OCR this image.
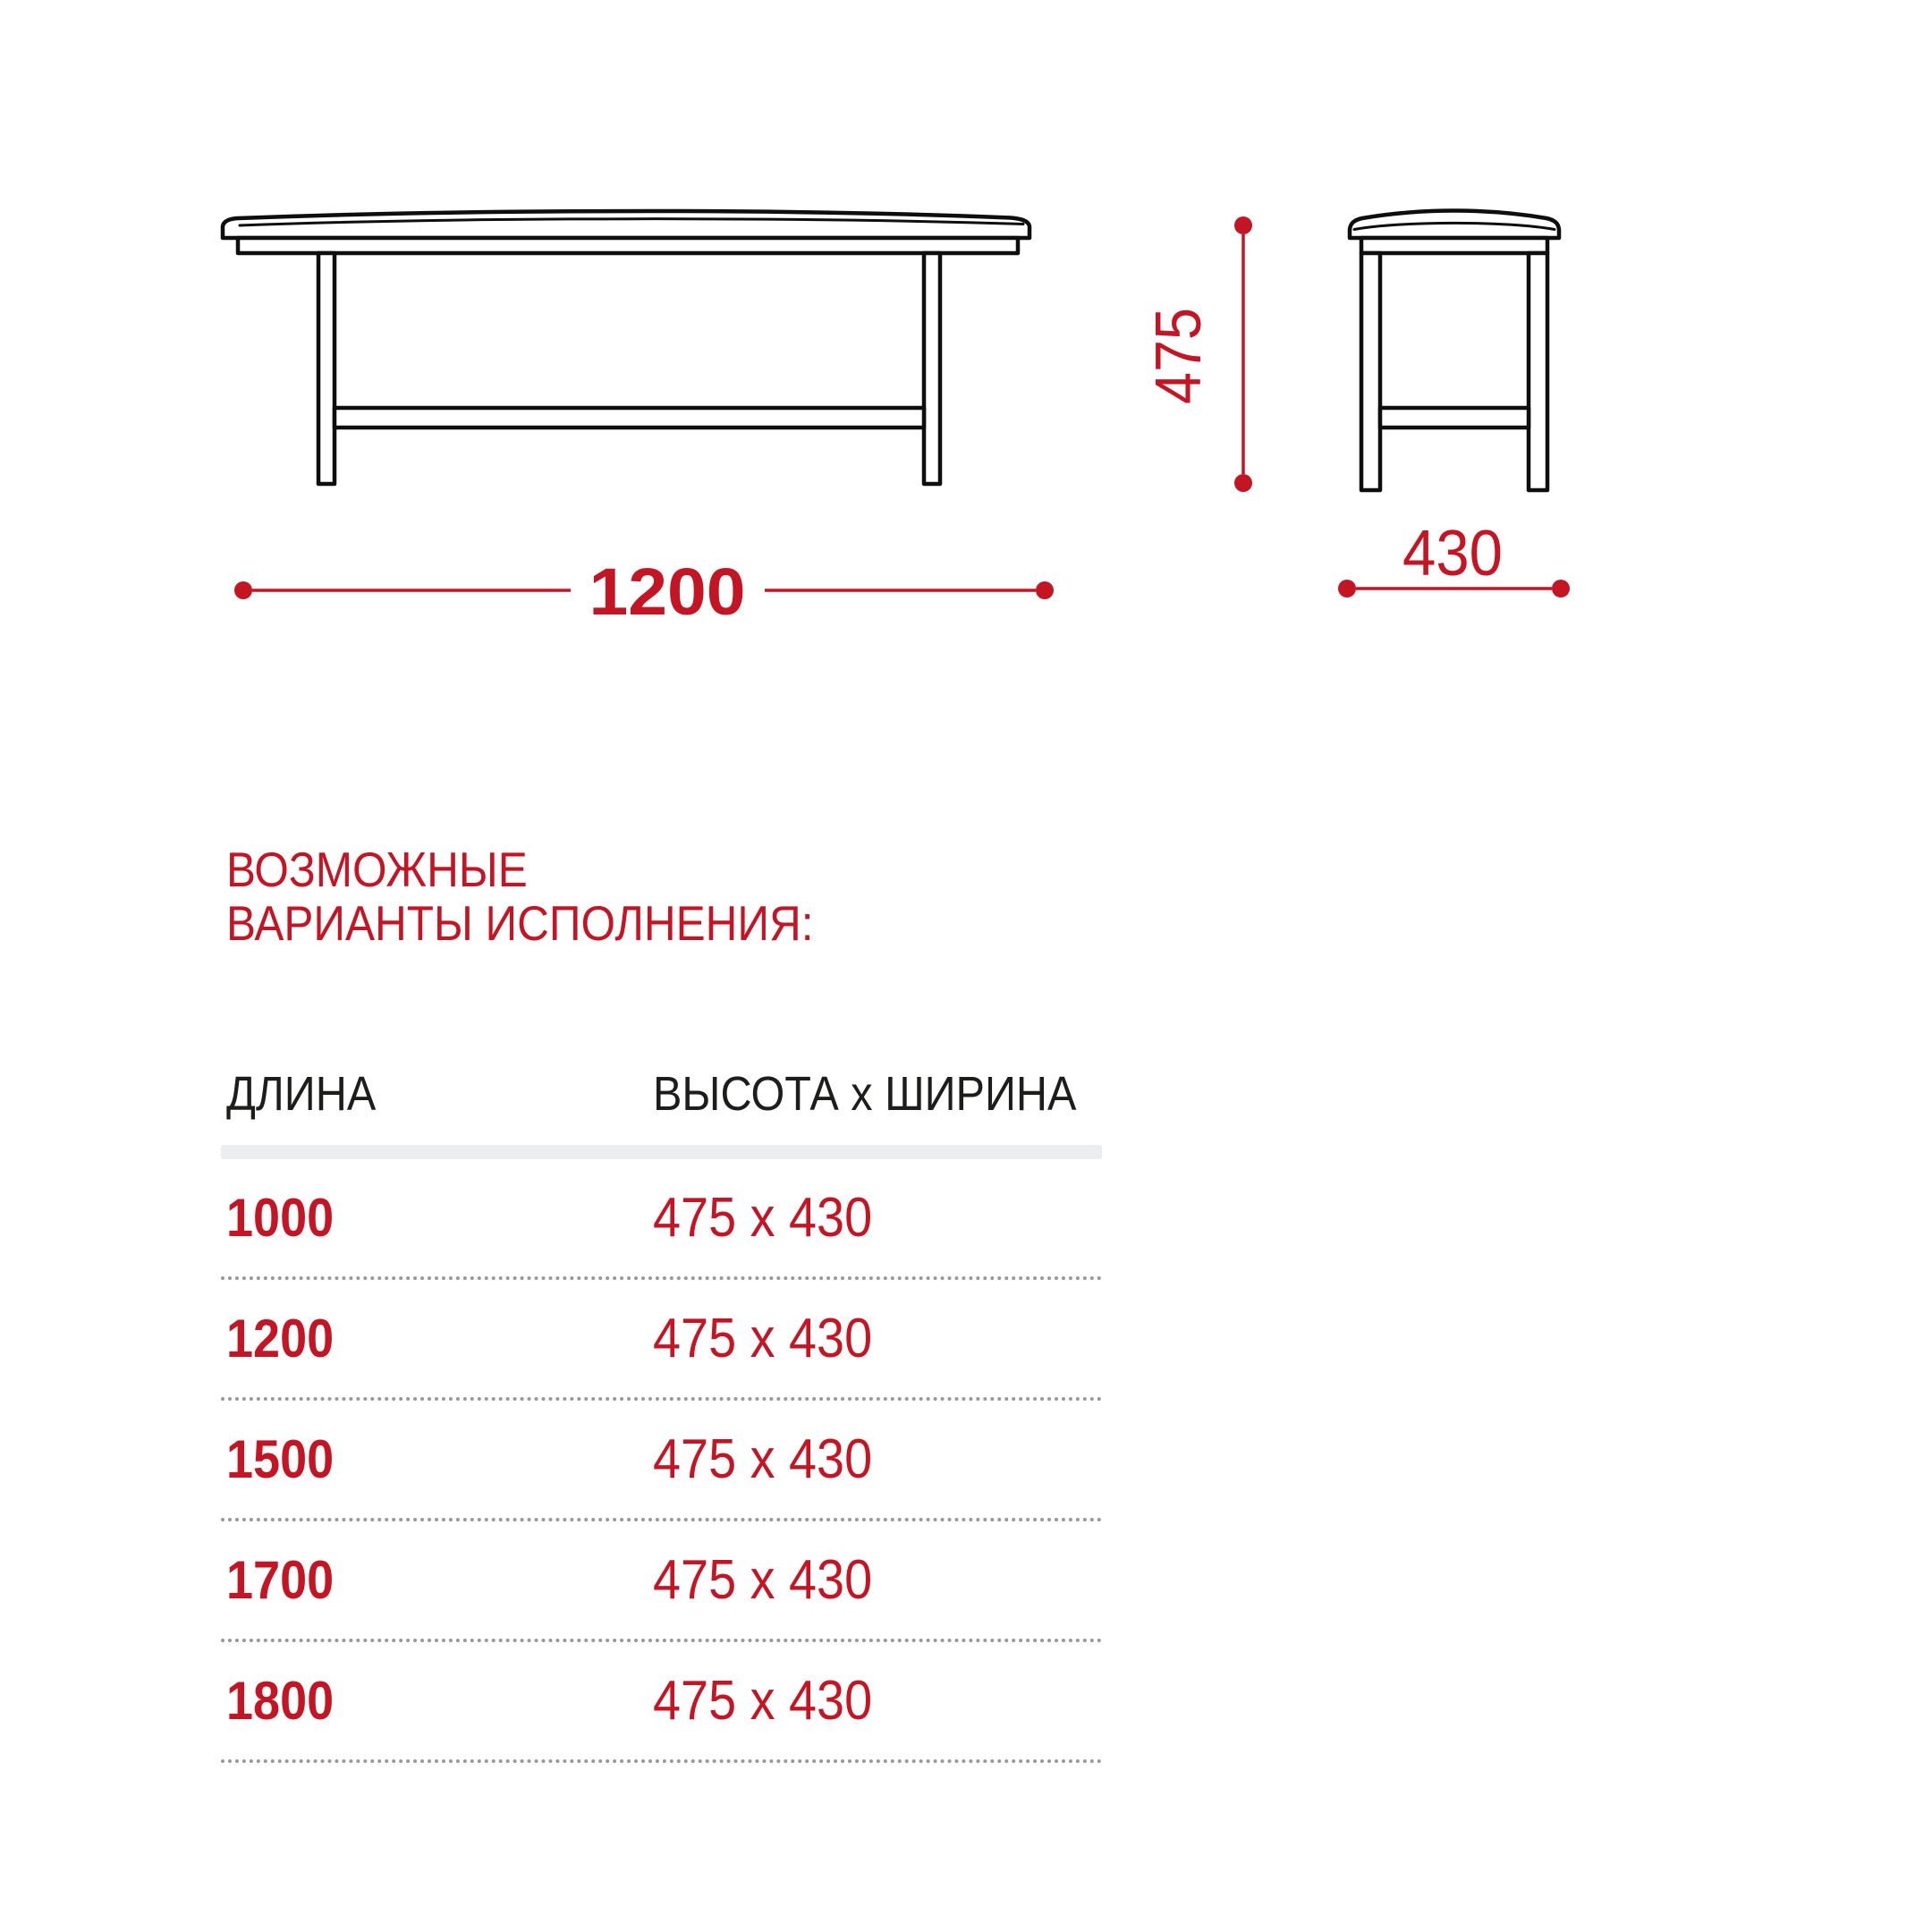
1200
475
430
ВОЗМОЖНЫЕ
ВАРИАНТЫ ИСПОЛНЕНИЯ:
ДЛИНА	ВЫСОТА x ШИРИНА
1000	475 x 430
1200	475 x 430
1500	475 x 430
1700	475 x 430
1800	475 x 430
